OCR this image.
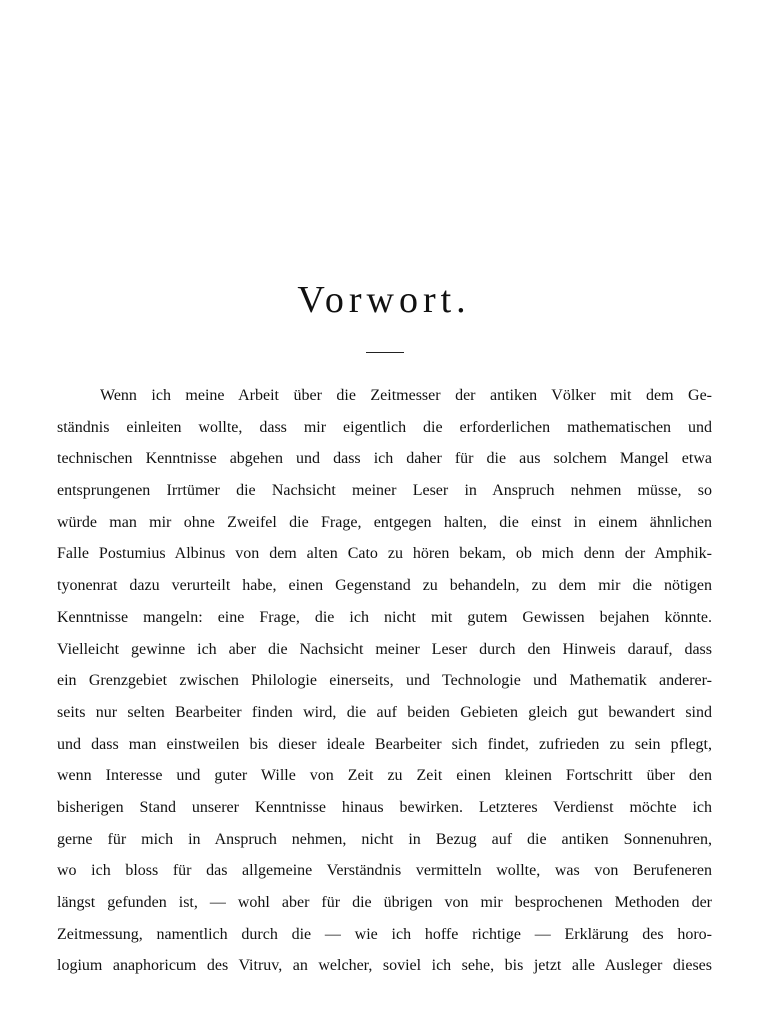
Vorwort.
Wenn ich meine Arbeit über die Zeitmesser der antiken Völker mit dem Ge-
ständnis einleiten wollte, dass mir eigentlich die erforderlichen mathematischen und
technischen Kenntnisse abgehen und dass ich daher für die aus solchem Mangel etwa
entsprungenen Irrtümer die Nachsicht meiner Leser in Anspruch nehmen müsse, so
würde man mir ohne Zweifel die Frage, entgegen halten, die einst in einem ähnlichen
Falle Postumius Albinus von dem alten Cato zu hören bekam, ob mich denn der Amphik-
tyonenrat dazu verurteilt habe, einen Gegenstand zu behandeln, zu dem mir die nötigen
Kenntnisse mangeln: eine Frage, die ich nicht mit gutem Gewissen bejahen könnte.
Vielleicht gewinne ich aber die Nachsicht meiner Leser durch den Hinweis darauf, dass
ein Grenzgebiet zwischen Philologie einerseits, und Technologie und Mathematik anderer-
seits nur selten Bearbeiter finden wird, die auf beiden Gebieten gleich gut bewandert sind
und dass man einstweilen bis dieser ideale Bearbeiter sich findet, zufrieden zu sein pflegt,
wenn Interesse und guter Wille von Zeit zu Zeit einen kleinen Fortschritt über den
bisherigen Stand unserer Kenntnisse hinaus bewirken. Letzteres Verdienst möchte ich
gerne für mich in Anspruch nehmen, nicht in Bezug auf die antiken Sonnenuhren,
wo ich bloss für das allgemeine Verständnis vermitteln wollte, was von Berufeneren
längst gefunden ist, — wohl aber für die übrigen von mir besprochenen Methoden der
Zeitmessung, namentlich durch die — wie ich hoffe richtige — Erklärung des horo-
logium anaphoricum des Vitruv, an welcher, soviel ich sehe, bis jetzt alle Ausleger dieses
